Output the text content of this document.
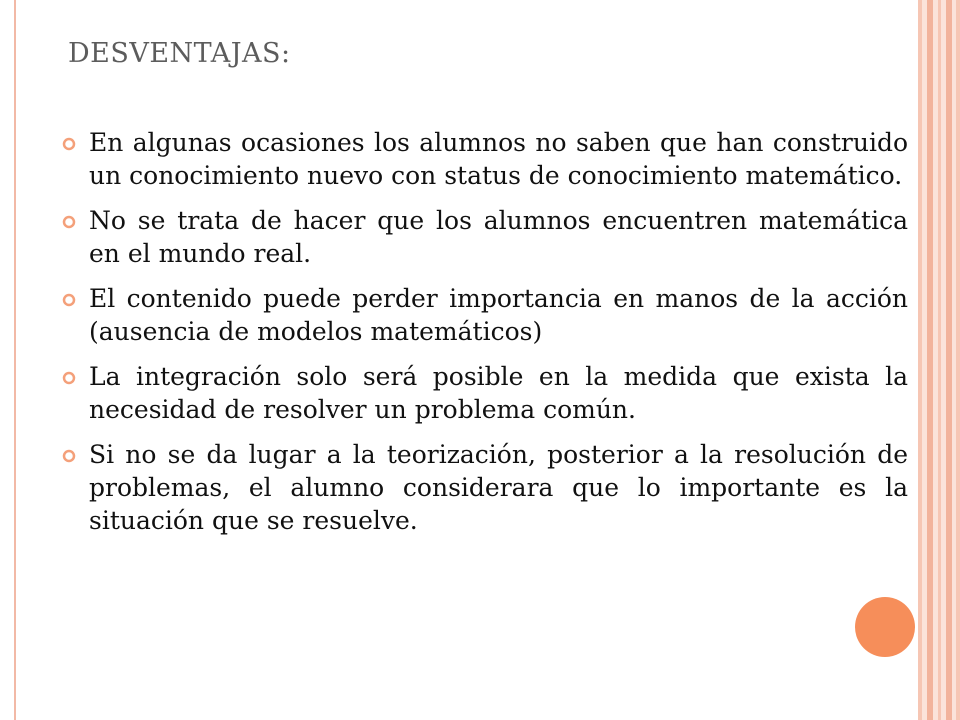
DESVENTAJAS:
En algunas ocasiones los alumnos no saben que han construido un conocimiento nuevo con status de conocimiento matemático.
No se trata de hacer que los alumnos encuentren matemática en el mundo real.
El contenido puede perder importancia en manos de la acción (ausencia de modelos matemáticos)
La integración solo será posible en la medida que exista la necesidad de resolver un problema común.
Si no se da lugar a la teorización, posterior a la resolución de problemas, el alumno considerara que lo importante es la situación que se resuelve.
